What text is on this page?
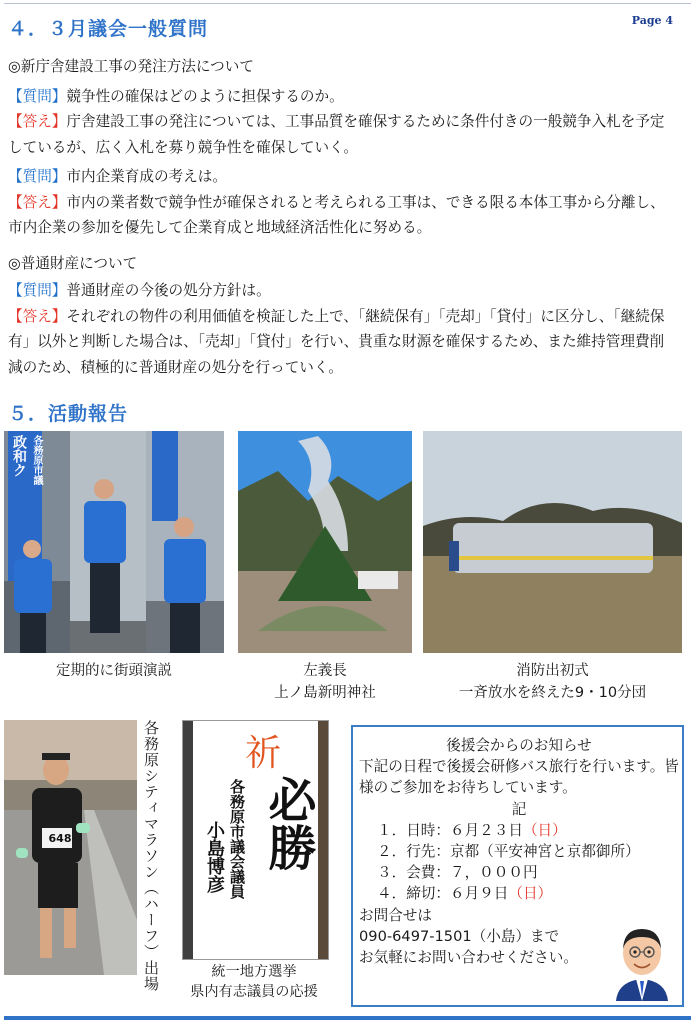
Page 4
４．３月議会一般質問

◎新庁舎建設工事の発注方法について

【質問】競争性の確保はどのように担保するのか。

【答え】庁舎建設工事の発注については、工事品質を確保するために条件付きの一般競争入札を予定しているが、広く入札を募り競争性を確保していく。

【質問】市内企業育成の考えは。

【答え】市内の業者数で競争性が確保されると考えられる工事は、できる限る本体工事から分離し、市内企業の参加を優先して企業育成と地域経済活性化に努める。

◎普通財産について

【質問】普通財産の今後の処分方針は。

【答え】それぞれの物件の利用価値を検証した上で、「継続保有」「売却」「貸付」に区分し、「継続保有」以外と判断した場合は、「売却」「貸付」を行い、貴重な財源を確保するため、また維持管理費削減のため、積極的に普通財産の処分を行っていく。

５．活動報告
政和ク 各務原市議
定期的に街頭演説	左義長
上ノ島新明神社
消防出初式
一斉放水を終えた9・10分団
648	各務原シティマラソン（ハーフ）出場 祈
必勝
各務原市議会議員
小島博彦
統一地方選挙
県内有志議員の応援
後援会からのお知らせ
下記の日程で後援会研修バス旅行を行います。皆様のご参加をお待ちしています。
記
１．日時：６月２３日（日）
２．行先：京都（平安神宮と京都御所）
３．会費：７，０００円
４．締切：６月９日（日）
お問合せは
090-6497-1501（小島）まで
お気軽にお問い合わせください。
